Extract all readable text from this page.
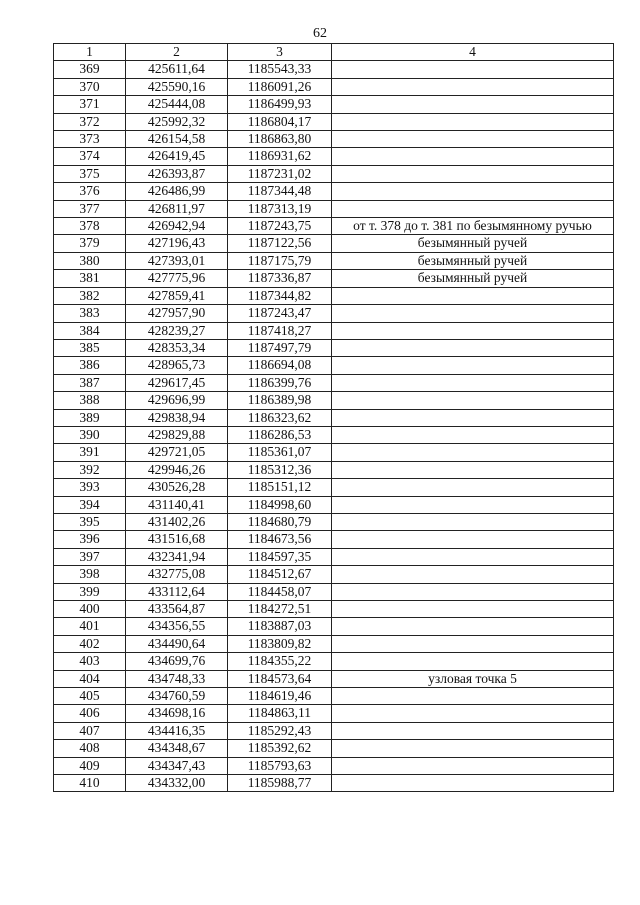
62
1	2	3	4
369	425611,64	1185543,33	
370	425590,16	1186091,26	
371	425444,08	1186499,93	
372	425992,32	1186804,17	
373	426154,58	1186863,80	
374	426419,45	1186931,62	
375	426393,87	1187231,02	
376	426486,99	1187344,48	
377	426811,97	1187313,19	
378	426942,94	1187243,75	от т. 378 до т. 381 по безымянному ручью
379	427196,43	1187122,56	безымянный ручей
380	427393,01	1187175,79	безымянный ручей
381	427775,96	1187336,87	безымянный ручей
382	427859,41	1187344,82	
383	427957,90	1187243,47	
384	428239,27	1187418,27	
385	428353,34	1187497,79	
386	428965,73	1186694,08	
387	429617,45	1186399,76	
388	429696,99	1186389,98	
389	429838,94	1186323,62	
390	429829,88	1186286,53	
391	429721,05	1185361,07	
392	429946,26	1185312,36	
393	430526,28	1185151,12	
394	431140,41	1184998,60	
395	431402,26	1184680,79	
396	431516,68	1184673,56	
397	432341,94	1184597,35	
398	432775,08	1184512,67	
399	433112,64	1184458,07	
400	433564,87	1184272,51	
401	434356,55	1183887,03	
402	434490,64	1183809,82	
403	434699,76	1184355,22	
404	434748,33	1184573,64	узловая точка 5
405	434760,59	1184619,46	
406	434698,16	1184863,11	
407	434416,35	1185292,43	
408	434348,67	1185392,62	
409	434347,43	1185793,63	
410	434332,00	1185988,77	
